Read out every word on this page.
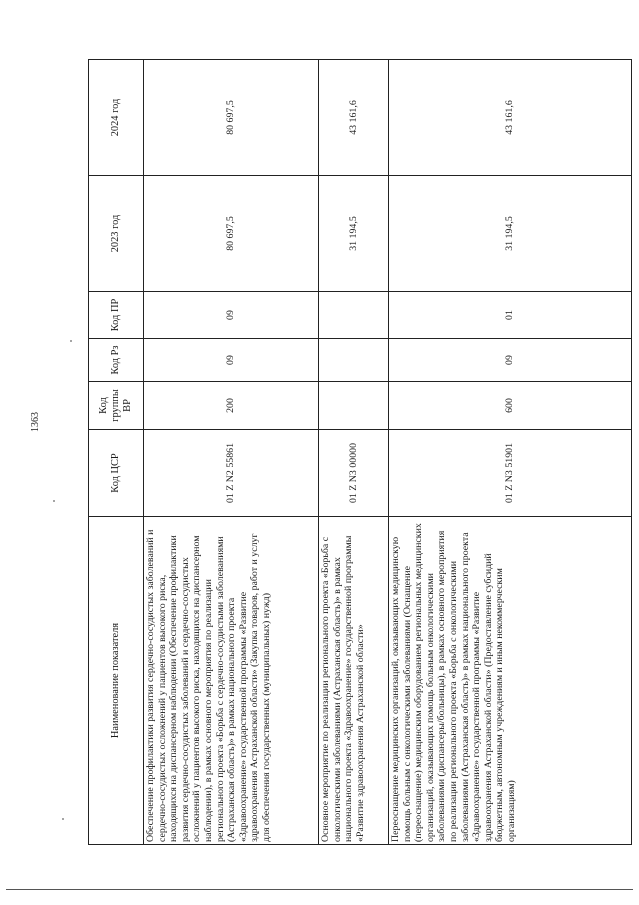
1363
Наименование показателя	Код ЦСР	Код группы ВР	Код Рз	Код ПР	2023 год	2024 год
Обеспечение профилактики развития сердечно-сосудистых заболеваний и сердечно-сосудистых осложнений у пациентов высокого риска, находящихся на диспансерном наблюдении (Обеспечение профилактики развития сердечно-сосудистых заболеваний и сердечно-сосудистых осложнений у пациентов высокого риска, находящихся на диспансерном наблюдении), в рамках основного мероприятия по реализации регионального проекта «Борьба с сердечно-сосудистыми заболеваниями (Астраханская область)» в рамках национального проекта «Здравоохранение» государственной программы «Развитие здравоохранения Астраханской области» (Закупка товаров, работ и услуг для обеспечения государственных (муниципальных) нужд)	01 Z N2 55861	200	09	09	80 697,5	80 697,5
Основное мероприятие по реализации регионального проекта «Борьба с онкологическими заболеваниями (Астраханская область)» в рамках национального проекта «Здравоохранение» государственной программы «Развитие здравоохранения Астраханской области»	01 Z N3 00000				31 194,5	43 161,6
Переоснащение медицинских организаций, оказывающих медицинскую помощь больным с онкологическими заболеваниями (Оснащение (переоснащение) медицинским оборудованием региональных медицинских организаций, оказывающих помощь больным онкологическими заболеваниями (диспансеры/больницы), в рамках основного мероприятия по реализации регионального проекта «Борьба с онкологическими заболеваниями (Астраханская область)» в рамках национального проекта «Здравоохранение» государственной программы «Развитие здравоохранения Астраханской области» (Предоставление субсидий бюджетным, автономным учреждениям и иным некоммерческим организациям)	01 Z N3 51901	600	09	01	31 194,5	43 161,6
